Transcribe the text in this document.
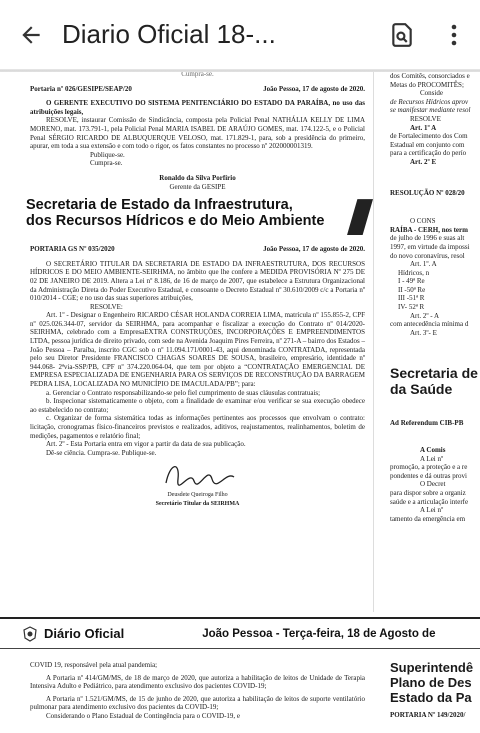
Diario Oficial 18-...
Cumpra-se.
Portaria nº 026/GESIPE/SEAP/20	João Pessoa, 17 de agosto de 2020.
O GERENTE EXECUTIVO DO SISTEMA PENITENCIÁRIO DO ESTADO DA PARAÍBA, no uso das atribuições legais,
RESOLVE, instaurar Comissão de Sindicância, composta pela Policial Penal NATHÁLIA KELLY DE LIMA MORENO, mat. 173.791-1, pela Policial Penal MARIA ISABEL DE ARAÚJO GOMES, mat. 174.122-5, e o Policial Penal SÉRGIO RICARDO DE ALBUQUERQUE VELOSO, mat. 171.829-1, para, sob a presidência do primeiro, apurar, em toda a sua extensão e com todo o rigor, os fatos constantes no processo nº 202000001319.
Publique-se.
Cumpra-se.
Ronaldo da Silva Porfírio
Gerente da GESIPE
Secretaria de Estado da Infraestrutura,
dos Recursos Hídricos e do Meio Ambiente
PORTARIA GS Nº 035/2020	João Pessoa, 17 de agosto de 2020.
O SECRETÁRIO TITULAR DA SECRETARIA DE ESTADO DA INFRAESTRUTURA, DOS RECURSOS HÍDRICOS E DO MEIO AMBIENTE-SEIRHMA, no âmbito que lhe confere a MEDIDA PROVISÓRIA Nº 275 DE 02 DE JANEIRO DE 2019. Altera a Lei nº 8.186, de 16 de março de 2007, que estabelece a Estrutura Organizacional da Administração Direta do Poder Executivo Estadual, e consoante o Decreto Estadual nº 30.610/2009 c/c a Portaria nº 010/2014 - CGE; e no uso das suas superiores atribuições,
RESOLVE:
Art. 1º - Designar o Engenheiro RICARDO CÉSAR HOLANDA CORREIA LIMA, matrícula nº 155.855-2, CPF nº 025.026.344-07, servidor da SEIRHMA, para acompanhar e fiscalizar a execução do Contrato nº 014/2020-SEIRHMA, celebrado com a EmpresaEXTRA CONSTRUÇÕES, INCORPORAÇÕES E EMPREENDIMENTOS LTDA, pessoa jurídica de direito privado, com sede na Avenida Joaquim Pires Ferreira, nº 271-A – bairro dos Estados – João Pessoa – Paraíba, inscrito CGC sob o nº 11.094.171/0001-43, aqui denominada CONTRATADA, representada pelo seu Diretor Presidente FRANCISCO CHAGAS SOARES DE SOUSA, brasileiro, empresário, identidade nº 944.068- 2ªvia-SSP/PB, CPF nº 374.220.064-04, que tem por objeto a “CONTRATAÇÃO EMERGENCIAL DE EMPRESA ESPECIALIZADA DE ENGENHARIA PARA OS SERVIÇOS DE RECONSTRUÇÃO DA BARRAGEM PEDRA LISA, LOCALIZADA NO MUNICÍPIO DE IMACULADA/PB”; para:
a. Gerenciar o Contrato responsabilizando-se pelo fiel cumprimento de suas cláusulas contratuais;
b. Inspecionar sistematicamente o objeto, com a finalidade de examinar e/ou verificar se sua execução obedece ao estabelecido no contrato;
c. Organizar de forma sistemática todas as informações pertinentes aos processos que envolvam o contrato: licitação, cronogramas físico-financeiros previstos e realizados, aditivos, reajustamentos, realinhamentos, boletim de medições, pagamentos e relatório final;
Art. 2º - Esta Portaria entra em vigor a partir da data de sua publicação.
Dê-se ciência. Cumpra-se. Publique-se.
Deusdete Queiroga Filho
Secretário Titular da SEIRHMA
dos Comitês, consorciados e
Metas do PROCOMITÊS;
Conside
de Recursos Hídricos aprov
se manifestar mediante resol
RESOLVE
Art. 1º A
de Fortalecimento dos Com
Estadual em conjunto com
para a certificação do perío
Art. 2º E
RESOLUÇÃO Nº 028/20
O CONS
RAÍBA - CERH, nos term
de julho de 1996 e suas alt
1997, em virtude da impossi
do novo coronavírus, resol
Art. 1º. A
Hídricos, n
I - 49ª Re
II -50ª Re
III -51ª R
IV- 52ª R
Art. 2º - A
com antecedência mínima d
Art. 3º- E
Secretaria de
da Saúde
Ad Referendum CIB-PB
A Comis
A Lei nº
promoção, a proteção e a re
pondentes e dá outras provi
O Decret
para dispor sobre a organiz
saúde e a articulação interfe
A Lei nº
tamento da emergência em
Diário Oficial	João Pessoa - Terça-feira, 18 de Agosto de
COVID 19, responsável pela atual pandemia;
A Portaria nº 414/GM/MS, de 18 de março de 2020, que autoriza a habilitação de leitos de Unidade de Terapia Intensiva Adulto e Pediátrico, para atendimento exclusivo dos pacientes COVID-19;
A Portaria nº 1.521/GM/MS, de 15 de junho de 2020, que autoriza a habilitação de leitos de suporte ventilatório pulmonar para atendimento exclusivo dos pacientes da COVID-19;
Considerando o Plano Estadual de Contingência para o COVID-19, e
Superintendê
Plano de Des
Estado da Pa
PORTARIA Nº 149/2020/
